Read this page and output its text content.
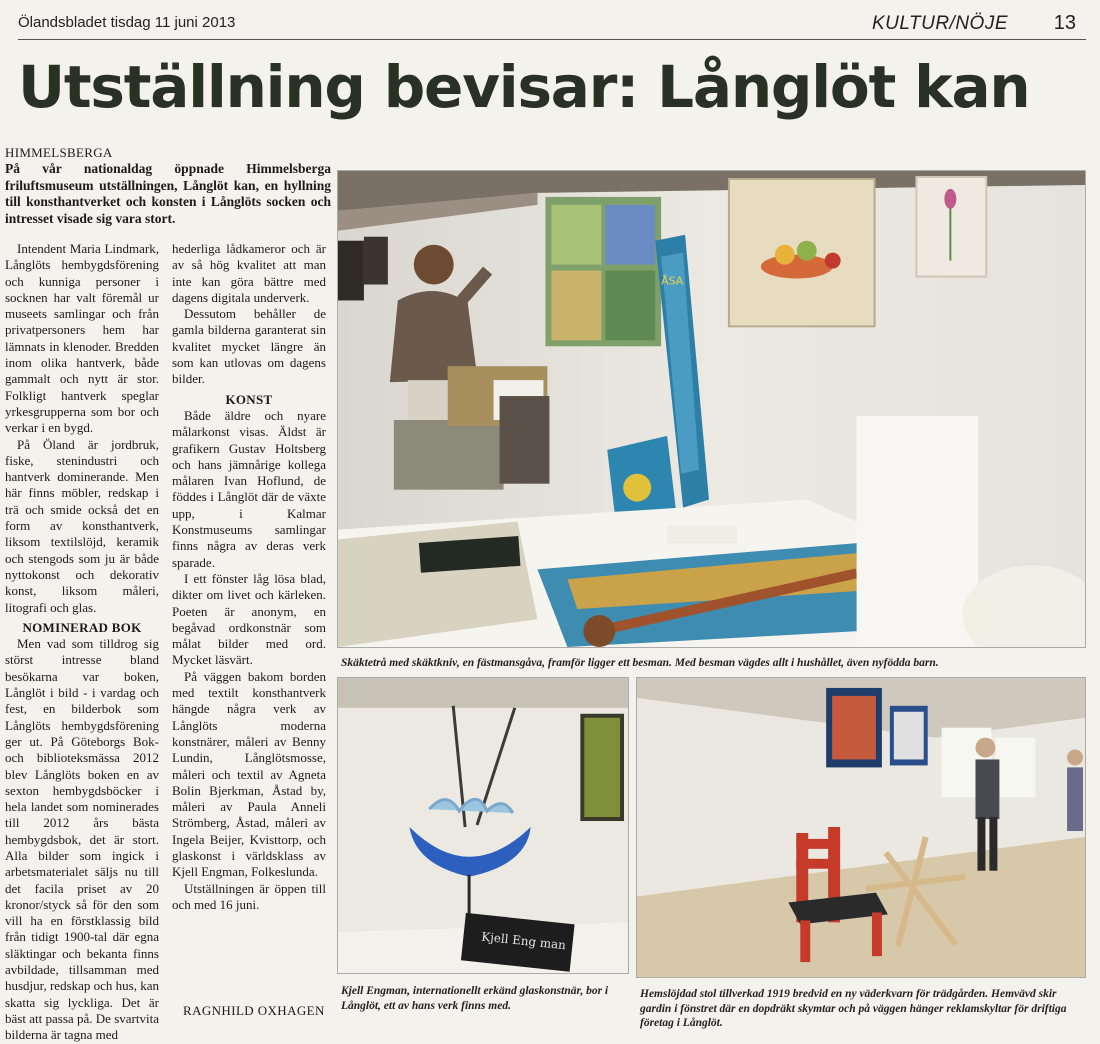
Ölandsbladet tisdag 11 juni 2013	KULTUR/NÖJE 13
Utställning bevisar: Långlöt kan
HIMMELSBERGA
På vår nationaldag öppnade Himmelsberga friluftsmuseum utställningen, Långlöt kan, en hyllning till konsthantverket och konsten i Långlöts socken och intresset visade sig vara stort.

Intendent Maria Lindmark, Långlöts hembygdsförening och kunniga personer i socknen har valt föremål ur museets samlingar och från privatpersoners hem har lämnats in klenoder. Bredden inom olika hantverk, både gammalt och nytt är stor. Folkligt hantverk speglar yrkesgrupperna som bor och verkar i en bygd.

På Öland är jordbruk, fiske, stenindustri och hantverk dominerande. Men här finns möbler, redskap i trä och smide också det en form av konsthantverk, liksom textilslöjd, keramik och stengods som ju är både nyttokonst och dekorativ konst, liksom måleri, litografi och glas.

NOMINERAD BOK

Men vad som tilldrog sig störst intresse bland besökarna var boken, Långlöt i bild - i vardag och fest, en bilderbok som Långlöts hembygdsförening ger ut. På Göteborgs Bok- och biblioteksmässa 2012 blev Långlöts boken en av sexton hembygdsböcker i hela landet som nominerades till 2012 års bästa hembygdsbok, det är stort. Alla bilder som ingick i arbetsmaterialet säljs nu till det facila priset av 20 kronor/styck så för den som vill ha en förstklassig bild från tidigt 1900-tal där egna släktingar och bekanta finns avbildade, tillsamman med husdjur, redskap och hus, kan skatta sig lyckliga. Det är bäst att passa på. De svartvita bilderna är tagna med

hederliga lådkameror och är av så hög kvalitet att man inte kan göra bättre med dagens digitala underverk.

Dessutom behåller de gamla bilderna garanterat sin kvalitet mycket längre än som kan utlovas om dagens bilder.

KONST

Både äldre och nyare målarkonst visas. Äldst är grafikern Gustav Holtsberg och hans jämnårige kollega målaren Ivan Hoflund, de föddes i Långlöt där de växte upp, i Kalmar Konstmuseums samlingar finns några av deras verk sparade.

I ett fönster låg lösa blad, dikter om livet och kärleken. Poeten är anonym, en begåvad ordkonstnär som målat bilder med ord. Mycket läsvärt.

På väggen bakom borden med textilt konsthantverk hängde några verk av Långlöts moderna konstnärer, måleri av Benny Lundin, Långlötsmosse, måleri och textil av Agneta Bolin Bjerkman, Åstad by, måleri av Paula Anneli Strömberg, Åstad, måleri av Ingela Beijer, Kvisttorp, och glaskonst i världsklass av Kjell Engman, Folkeslunda.

Utställningen är öppen till och med 16 juni.

RAGNHILD OXHAGEN
ÅSA
Skäktetrå med skäktkniv, en fästmansgåva, framför ligger ett besman. Med besman vägdes allt i hushållet, även nyfödda barn.
Kjell Eng man
Kjell Engman, internationellt erkänd glaskonstnär, bor i Långlöt, ett av hans verk finns med.
Hemslöjdad stol tillverkad 1919 bredvid en ny väderkvarn för trädgården. Hemvävd skir gardin i fönstret där en dopdräkt skymtar och på väggen hänger reklamskyltar för driftiga företag i Långlöt.
